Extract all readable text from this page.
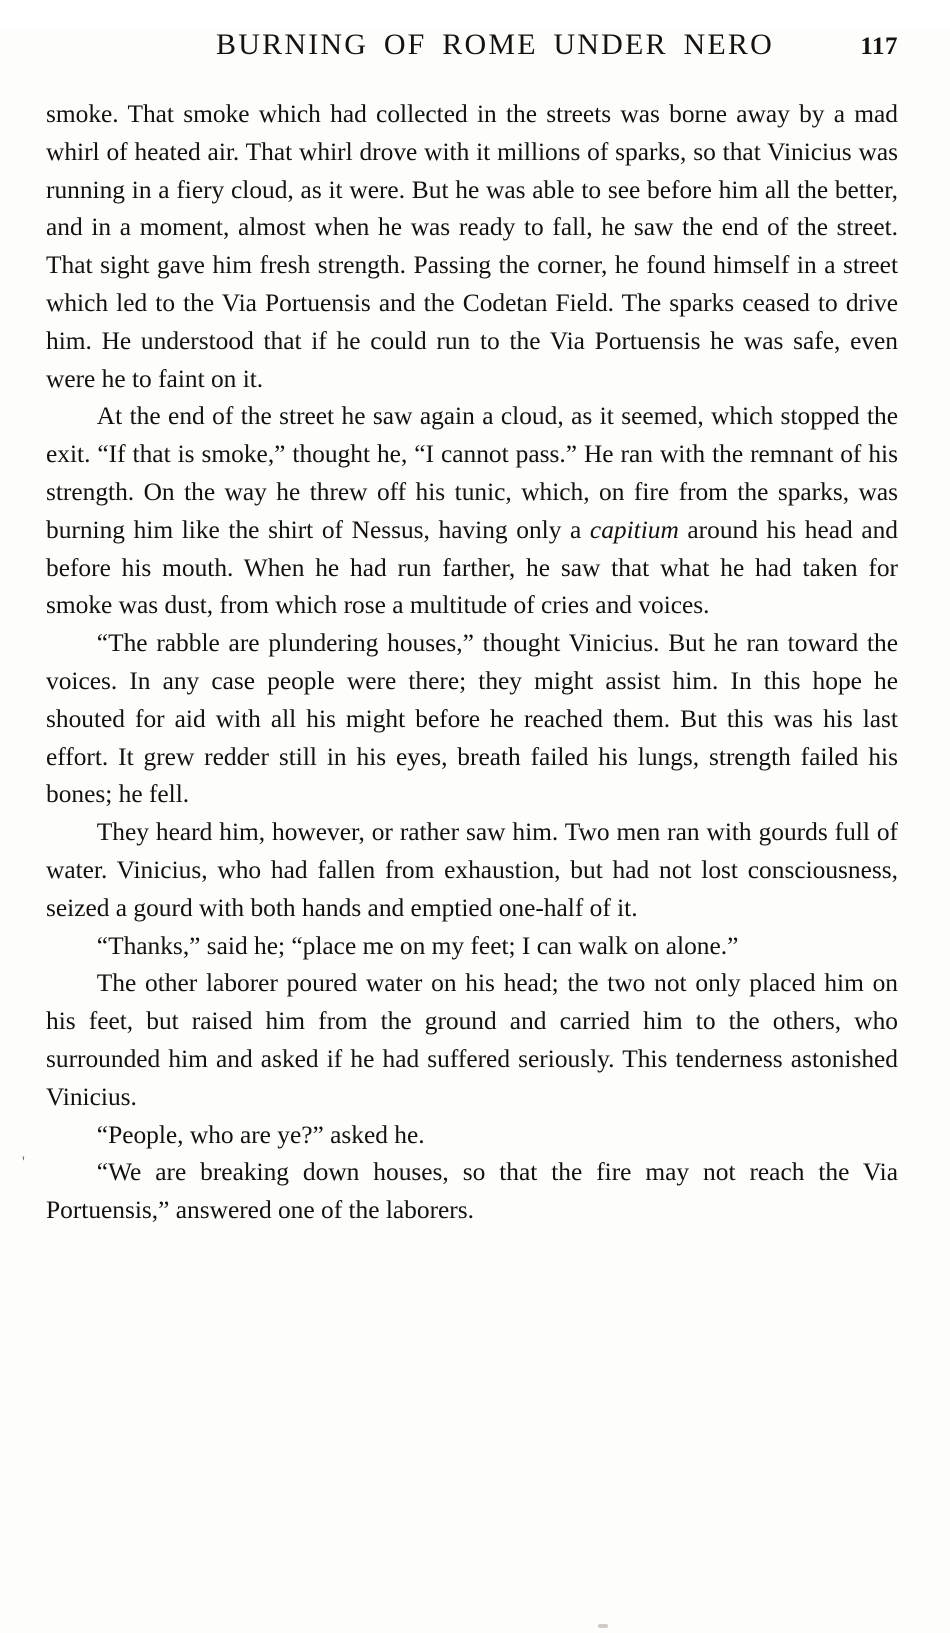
BURNING OF ROME UNDER NERO	117

smoke. That smoke which had collected in the streets was borne away by a mad whirl of heated air. That whirl drove with it millions of sparks, so that Vinicius was running in a fiery cloud, as it were. But he was able to see before him all the better, and in a moment, almost when he was ready to fall, he saw the end of the street. That sight gave him fresh strength. Passing the corner, he found himself in a street which led to the Via Portuensis and the Codetan Field. The sparks ceased to drive him. He understood that if he could run to the Via Portuensis he was safe, even were he to faint on it.

At the end of the street he saw again a cloud, as it seemed, which stopped the exit. “If that is smoke,” thought he, “I cannot pass.” He ran with the remnant of his strength. On the way he threw off his tunic, which, on fire from the sparks, was burning him like the shirt of Nessus, having only a capitium around his head and before his mouth. When he had run farther, he saw that what he had taken for smoke was dust, from which rose a multitude of cries and voices.

“The rabble are plundering houses,” thought Vinicius. But he ran toward the voices. In any case people were there; they might assist him. In this hope he shouted for aid with all his might before he reached them. But this was his last effort. It grew redder still in his eyes, breath failed his lungs, strength failed his bones; he fell.

They heard him, however, or rather saw him. Two men ran with gourds full of water. Vinicius, who had fallen from exhaustion, but had not lost consciousness, seized a gourd with both hands and emptied one-half of it.

“Thanks,” said he; “place me on my feet; I can walk on alone.”

The other laborer poured water on his head; the two not only placed him on his feet, but raised him from the ground and carried him to the others, who surrounded him and asked if he had suffered seriously. This tenderness astonished Vinicius.

“People, who are ye?” asked he.

“We are breaking down houses, so that the fire may not reach the Via Portuensis,” answered one of the laborers.

'
